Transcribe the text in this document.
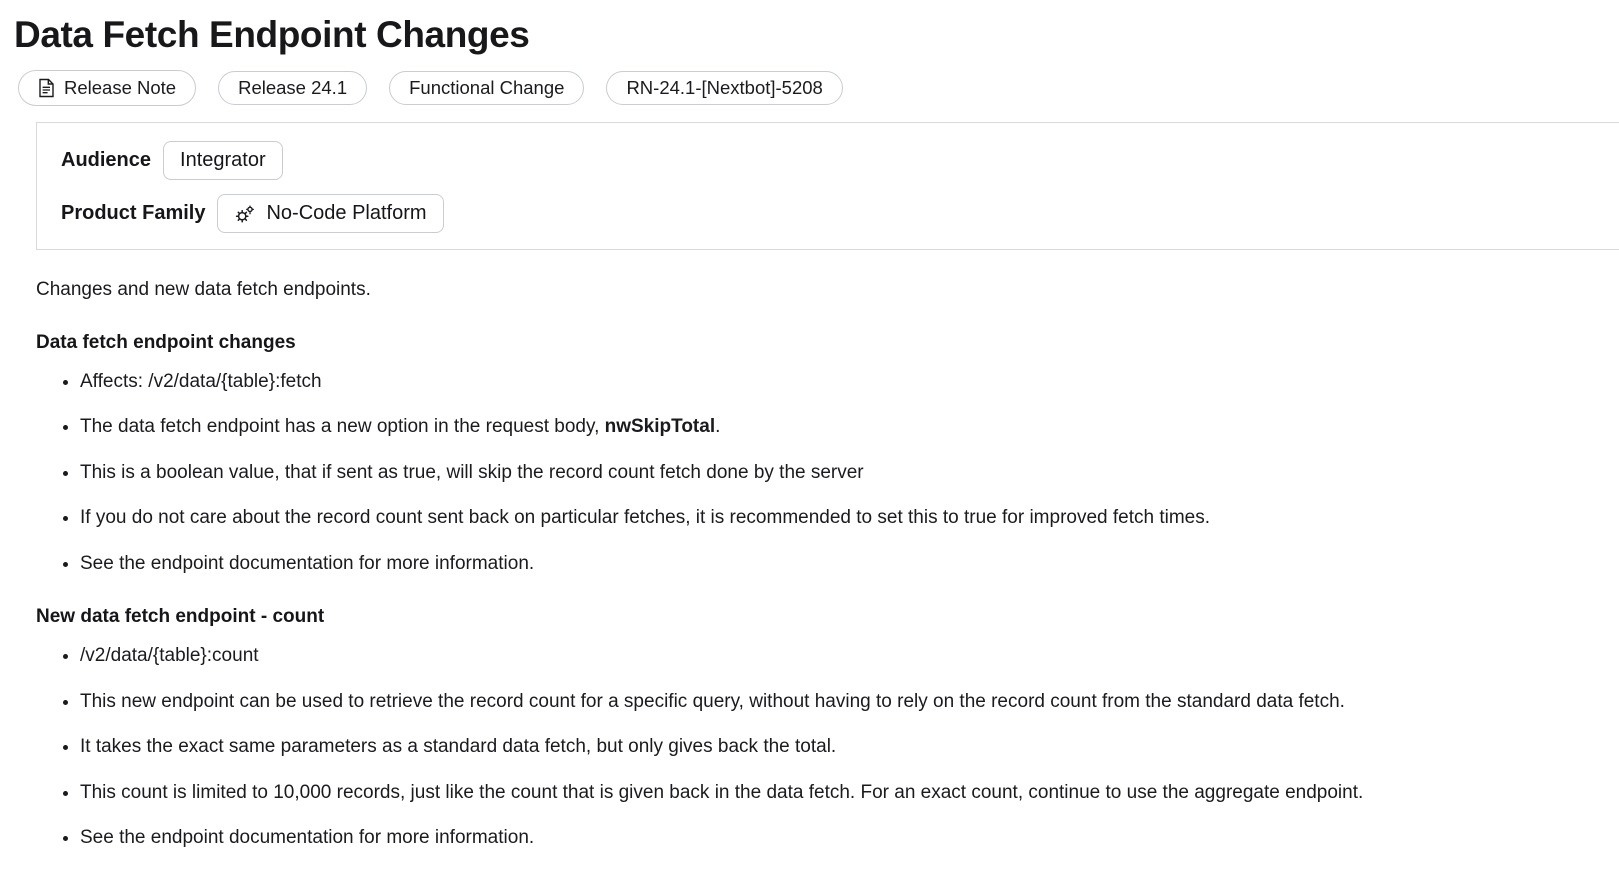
Data Fetch Endpoint Changes
Release Note	Release 24.1	Functional Change	RN-24.1-[Nextbot]-5208
Audience Integrator
Product Family	No-Code Platform

Changes and new data fetch endpoints.

Data fetch endpoint changes
• Affects: /v2/data/{table}:fetch
• The data fetch endpoint has a new option in the request body, nwSkipTotal.
• This is a boolean value, that if sent as true, will skip the record count fetch done by the server
• If you do not care about the record count sent back on particular fetches, it is recommended to set this to true for improved fetch times.
• See the endpoint documentation for more information.
New data fetch endpoint - count
• /v2/data/{table}:count
• This new endpoint can be used to retrieve the record count for a specific query, without having to rely on the record count from the standard data fetch.
• It takes the exact same parameters as a standard data fetch, but only gives back the total.
• This count is limited to 10,000 records, just like the count that is given back in the data fetch. For an exact count, continue to use the aggregate endpoint.
• See the endpoint documentation for more information.
